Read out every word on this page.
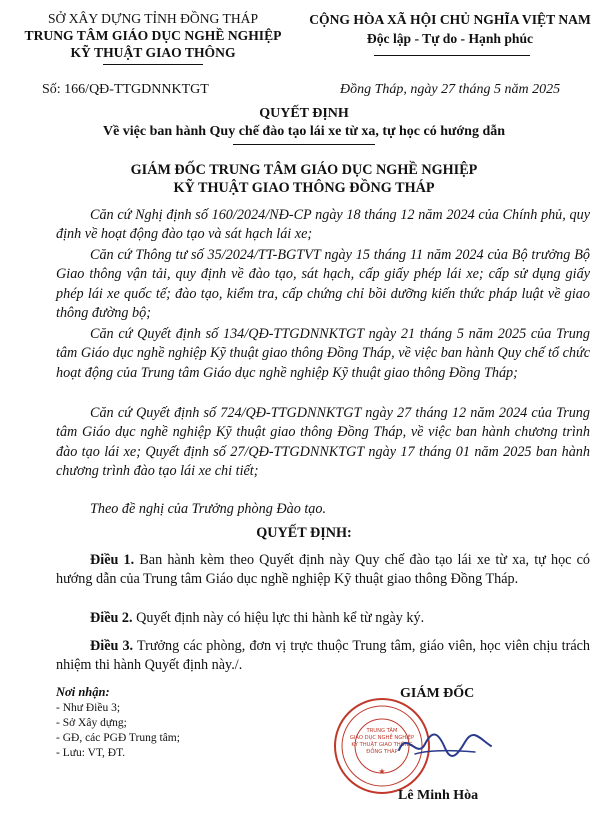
SỞ XÂY DỰNG TỈNH ĐỒNG THÁP
TRUNG TÂM GIÁO DỤC NGHỀ NGHIỆP
KỸ THUẬT GIAO THÔNG
CỘNG HÒA XÃ HỘI CHỦ NGHĨA VIỆT NAM
Độc lập - Tự do - Hạnh phúc
Số: 166/QĐ-TTGDNNKTGT	Đồng Tháp, ngày 27 tháng 5 năm 2025
QUYẾT ĐỊNH
Về việc ban hành Quy chế đào tạo lái xe từ xa, tự học có hướng dẫn
GIÁM ĐỐC TRUNG TÂM GIÁO DỤC NGHỀ NGHIỆP
KỸ THUẬT GIAO THÔNG ĐỒNG THÁP
Căn cứ Nghị định số 160/2024/NĐ-CP ngày 18 tháng 12 năm 2024 của Chính phủ, quy định về hoạt động đào tạo và sát hạch lái xe;
Căn cứ Thông tư số 35/2024/TT-BGTVT ngày 15 tháng 11 năm 2024 của Bộ trưởng Bộ Giao thông vận tải, quy định về đào tạo, sát hạch, cấp giấy phép lái xe; cấp sử dụng giấy phép lái xe quốc tế; đào tạo, kiểm tra, cấp chứng chỉ bồi dưỡng kiến thức pháp luật về giao thông đường bộ;
Căn cứ Quyết định số 134/QĐ-TTGDNNKTGT ngày 21 tháng 5 năm 2025 của Trung tâm Giáo dục nghề nghiệp Kỹ thuật giao thông Đồng Tháp, về việc ban hành Quy chế tổ chức hoạt động của Trung tâm Giáo dục nghề nghiệp Kỹ thuật giao thông Đồng Tháp;
Căn cứ Quyết định số 724/QĐ-TTGDNNKTGT ngày 27 tháng 12 năm 2024 của Trung tâm Giáo dục nghề nghiệp Kỹ thuật giao thông Đồng Tháp, về việc ban hành chương trình đào tạo lái xe; Quyết định số 27/QĐ-TTGDNNKTGT ngày 17 tháng 01 năm 2025 ban hành chương trình đào tạo lái xe chi tiết;
Theo đề nghị của Trưởng phòng Đào tạo.
QUYẾT ĐỊNH:
Điều 1. Ban hành kèm theo Quyết định này Quy chế đào tạo lái xe từ xa, tự học có hướng dẫn của Trung tâm Giáo dục nghề nghiệp Kỹ thuật giao thông Đồng Tháp.
Điều 2. Quyết định này có hiệu lực thi hành kể từ ngày ký.
Điều 3. Trưởng các phòng, đơn vị trực thuộc Trung tâm, giáo viên, học viên chịu trách nhiệm thi hành Quyết định này./.
Nơi nhận:
- Như Điều 3;
- Sở Xây dựng;
- GĐ, các PGĐ Trung tâm;
- Lưu: VT, ĐT.
GIÁM ĐỐC
TRUNG TÂM
GIÁO DỤC NGHỀ NGHIỆP
KỸ THUẬT GIAO THÔNG
ĐỒNG THÁP
★
Lê Minh Hòa
